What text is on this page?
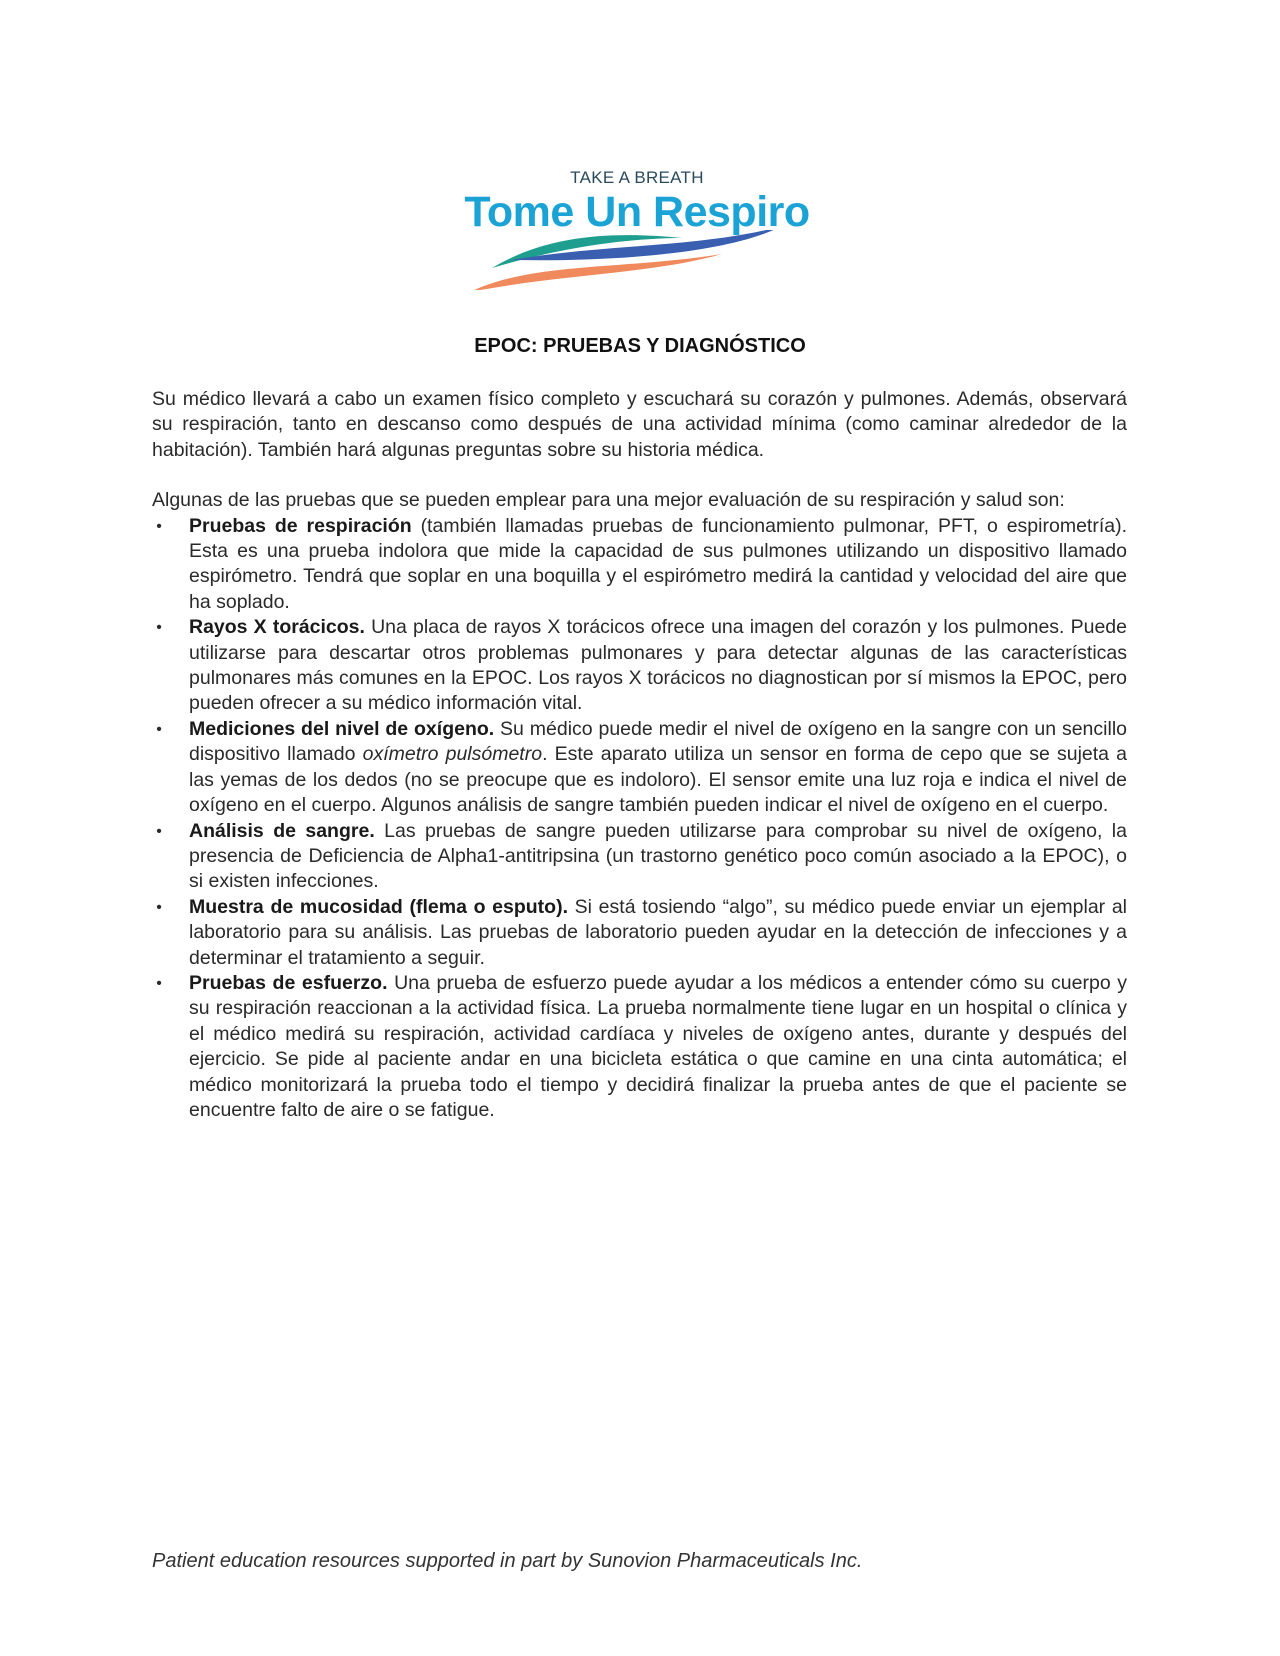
TAKE A BREATH
Tome Un Respiro
EPOC: PRUEBAS Y DIAGNÓSTICO

Su médico llevará a cabo un examen físico completo y escuchará su corazón y pulmones. Además, observará su respiración, tanto en descanso como después de una actividad mínima (como caminar alrededor de la habitación). También hará algunas preguntas sobre su historia médica.

Algunas de las pruebas que se pueden emplear para una mejor evaluación de su respiración y salud son:

• Pruebas de respiración (también llamadas pruebas de funcionamiento pulmonar, PFT, o espirometría). Esta es una prueba indolora que mide la capacidad de sus pulmones utilizando un dispositivo llamado espirómetro. Tendrá que soplar en una boquilla y el espirómetro medirá la cantidad y velocidad del aire que ha soplado.
• Rayos X torácicos. Una placa de rayos X torácicos ofrece una imagen del corazón y los pulmones. Puede utilizarse para descartar otros problemas pulmonares y para detectar algunas de las características pulmonares más comunes en la EPOC. Los rayos X torácicos no diagnostican por sí mismos la EPOC, pero pueden ofrecer a su médico información vital.
• Mediciones del nivel de oxígeno. Su médico puede medir el nivel de oxígeno en la sangre con un sencillo dispositivo llamado oxímetro pulsómetro. Este aparato utiliza un sensor en forma de cepo que se sujeta a las yemas de los dedos (no se preocupe que es indoloro). El sensor emite una luz roja e indica el nivel de oxígeno en el cuerpo. Algunos análisis de sangre también pueden indicar el nivel de oxígeno en el cuerpo.
• Análisis de sangre. Las pruebas de sangre pueden utilizarse para comprobar su nivel de oxígeno, la presencia de Deficiencia de Alpha1-antitripsina (un trastorno genético poco común asociado a la EPOC), o si existen infecciones.
• Muestra de mucosidad (flema o esputo). Si está tosiendo “algo”, su médico puede enviar un ejemplar al laboratorio para su análisis. Las pruebas de laboratorio pueden ayudar en la detección de infecciones y a determinar el tratamiento a seguir.
• Pruebas de esfuerzo. Una prueba de esfuerzo puede ayudar a los médicos a entender cómo su cuerpo y su respiración reaccionan a la actividad física. La prueba normalmente tiene lugar en un hospital o clínica y el médico medirá su respiración, actividad cardíaca y niveles de oxígeno antes, durante y después del ejercicio. Se pide al paciente andar en una bicicleta estática o que camine en una cinta automática; el médico monitorizará la prueba todo el tiempo y decidirá finalizar la prueba antes de que el paciente se encuentre falto de aire o se fatigue.
Patient education resources supported in part by Sunovion Pharmaceuticals Inc.
